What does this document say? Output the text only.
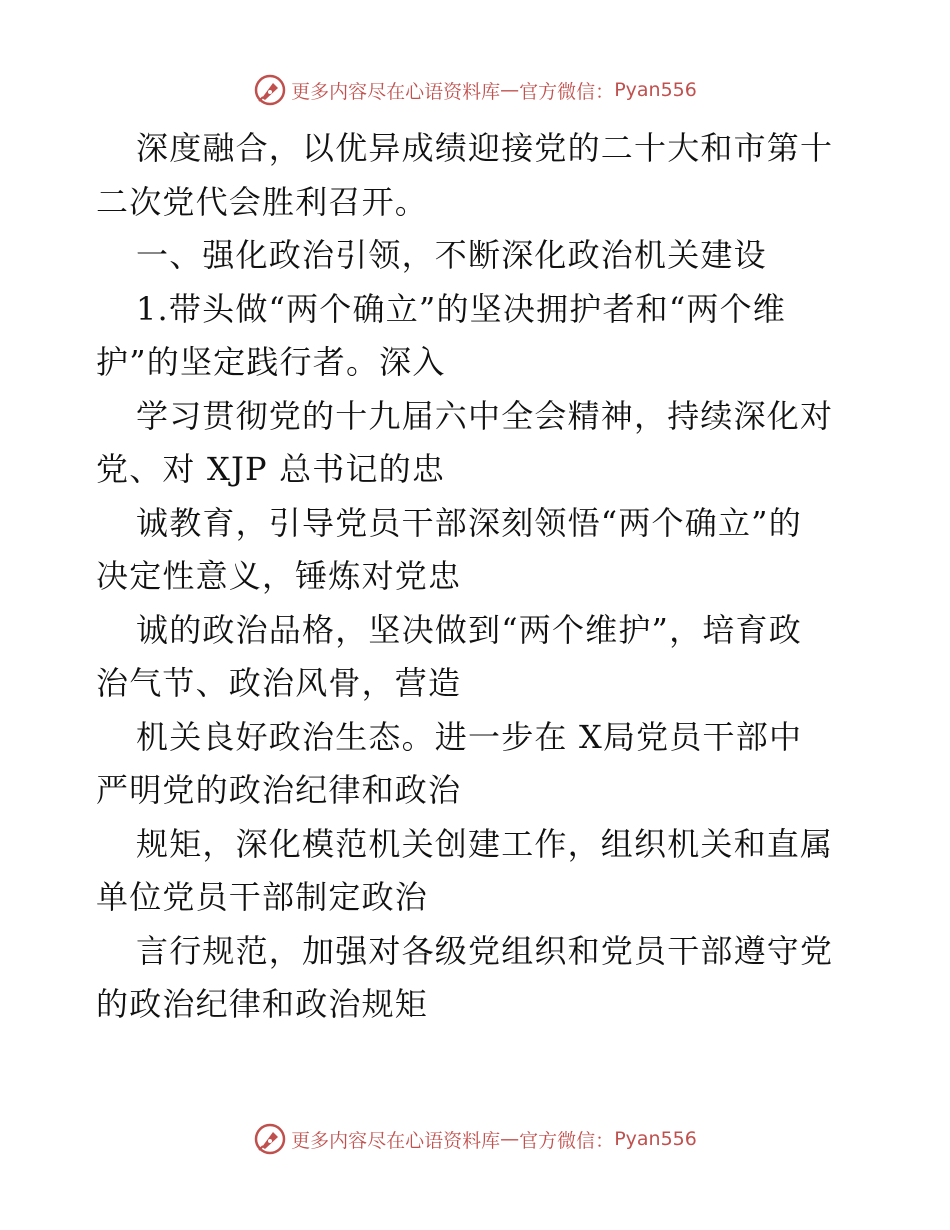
更多内容尽在心语资料库 — 官方微信： Pyan556
深度融合，以优异成绩迎接党的二十大和市第十
二次党代会胜利召开。
一、强化政治引领，不断深化政治机关建设
1.带头做“两个确立”的坚决拥护者和“两个维
护”的坚定践行者。深入
学习贯彻党的十九届六中全会精神，持续深化对
党、对 XJP 总书记的忠
诚教育，引导党员干部深刻领悟“两个确立”的
决定性意义，锤炼对党忠
诚的政治品格，坚决做到“两个维护”，培育政
治气节、政治风骨，营造
机关良好政治生态。进一步在 X局党员干部中
严明党的政治纪律和政治
规矩，深化模范机关创建工作，组织机关和直属
单位党员干部制定政治
言行规范，加强对各级党组织和党员干部遵守党
的政治纪律和政治规矩
更多内容尽在心语资料库 — 官方微信： Pyan556
